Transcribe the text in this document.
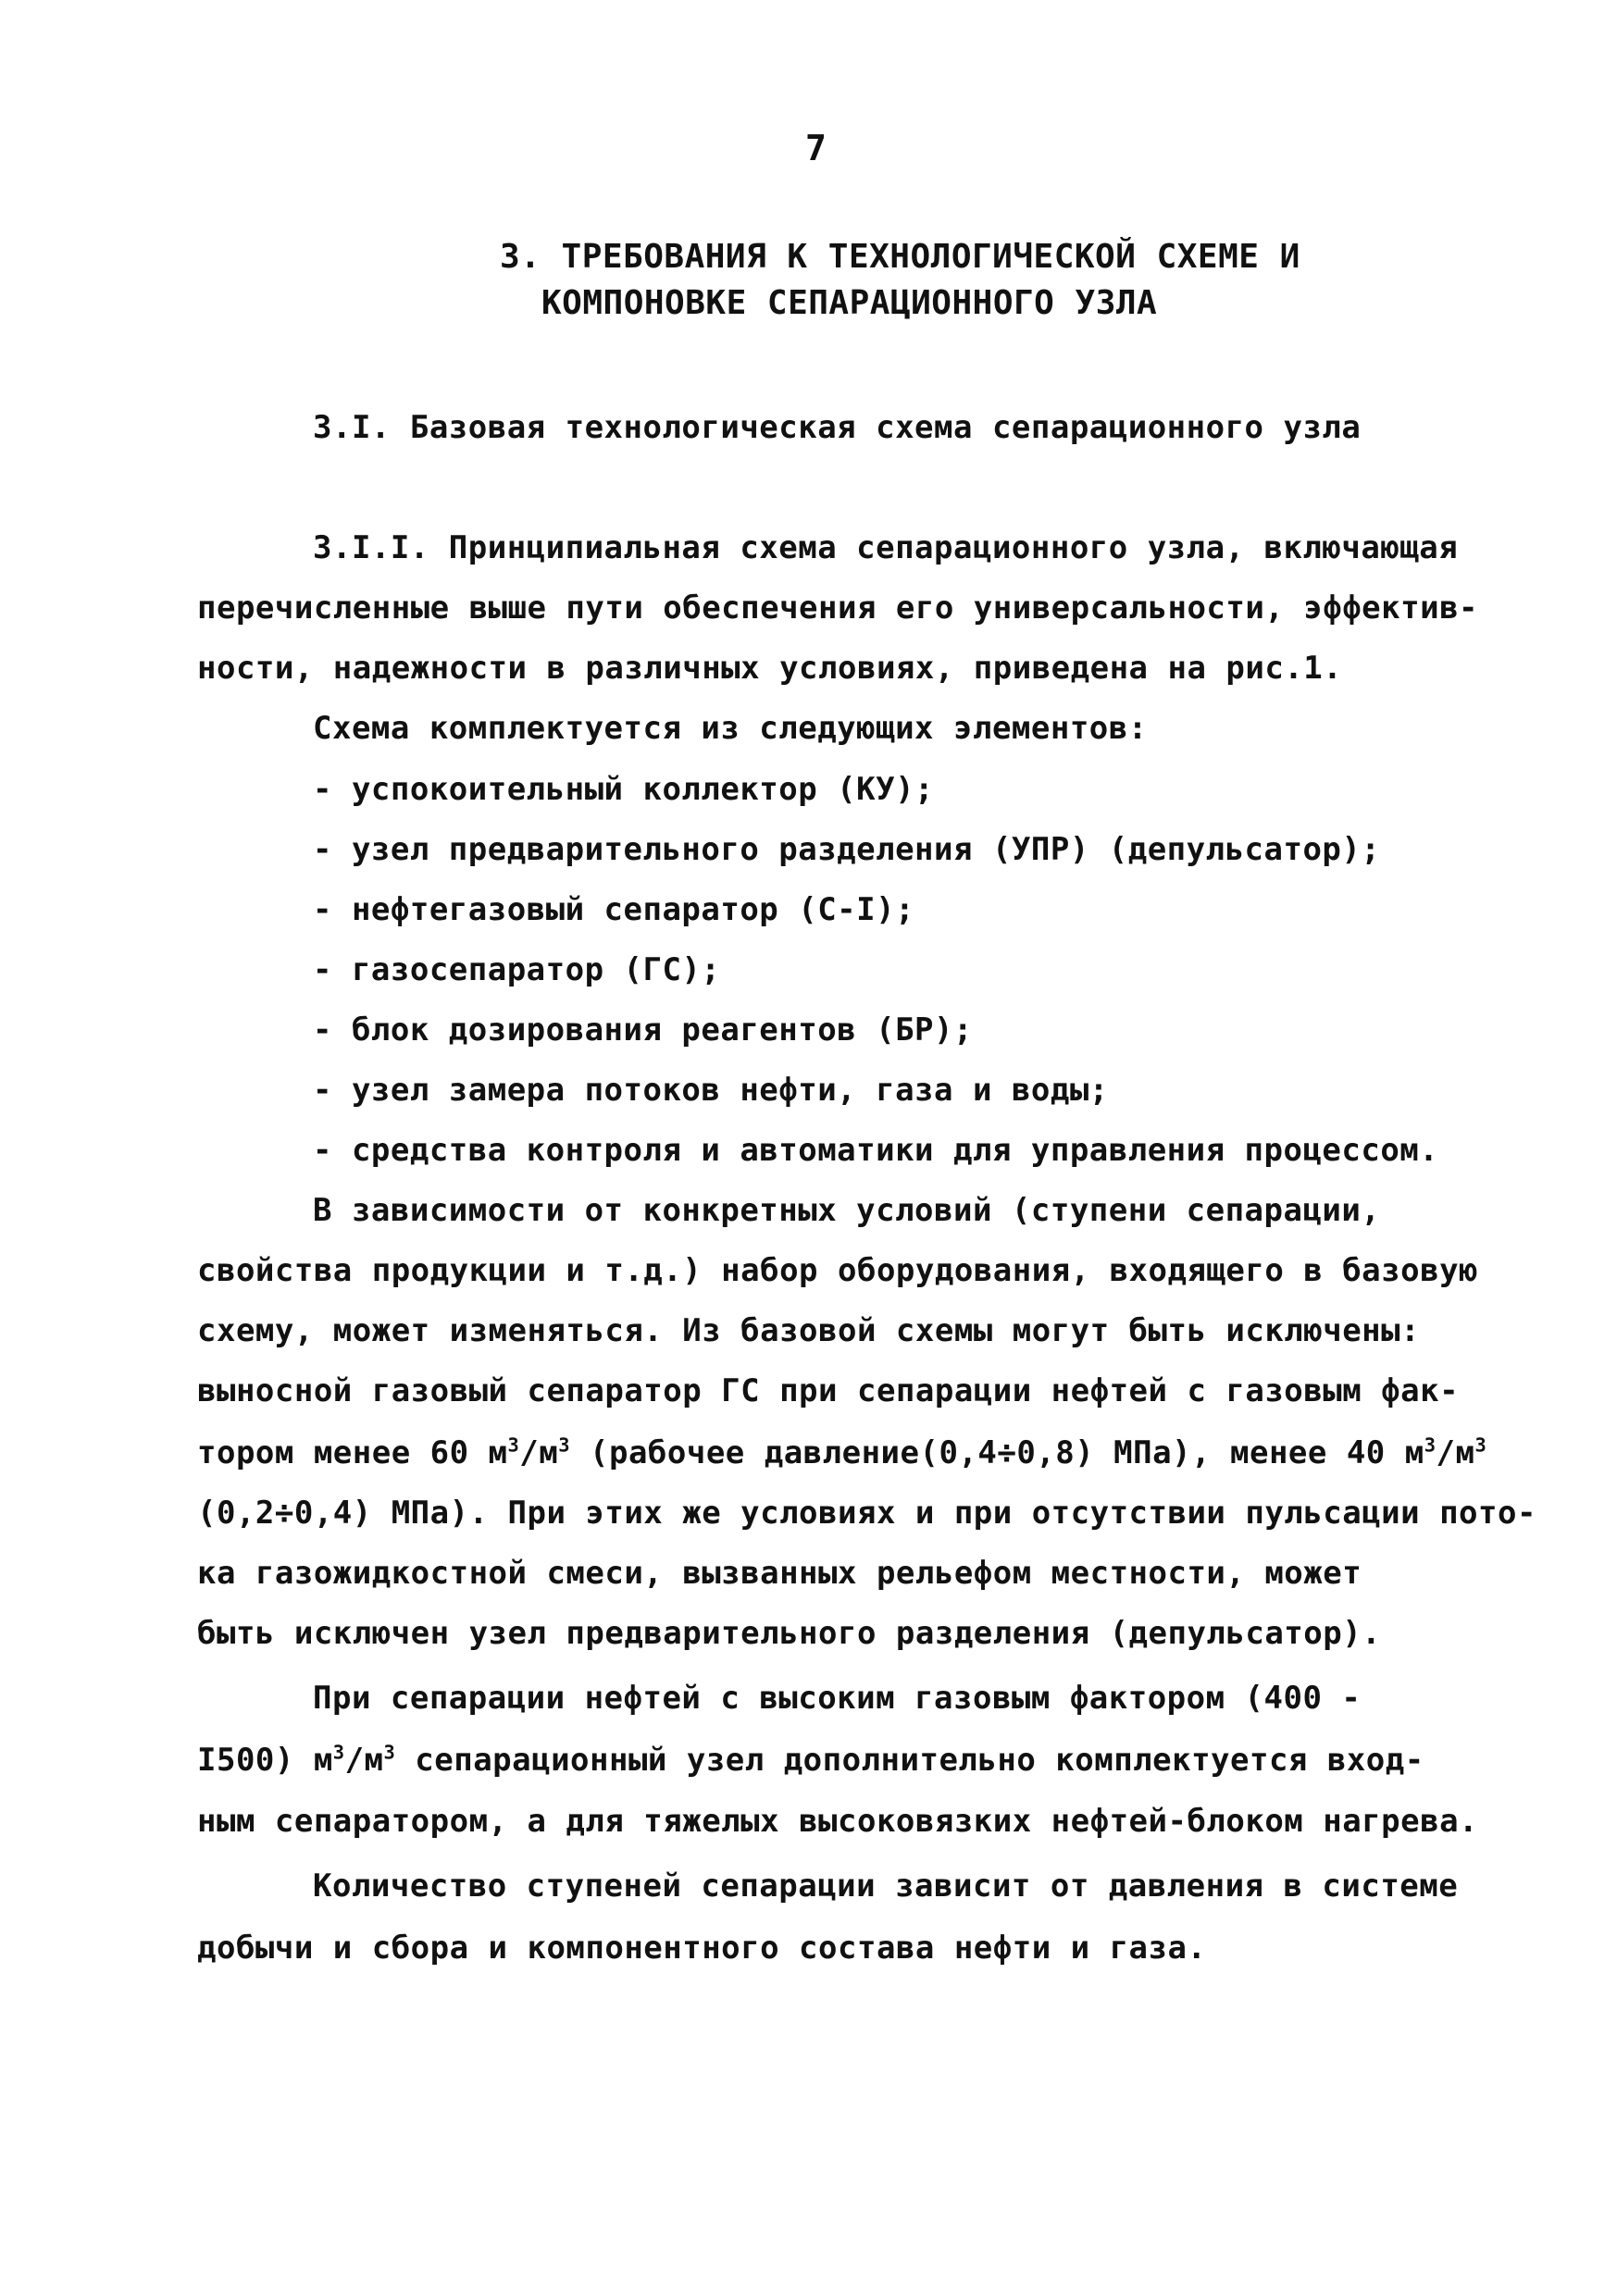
7
3. ТРЕБОВАНИЯ К ТЕХНОЛОГИЧЕСКОЙ СХЕМЕ И
КОМПОНОВКЕ СЕПАРАЦИОННОГО УЗЛА
3.I. Базовая технологическая схема сепарационного узла
3.I.I. Принципиальная схема сепарационного узла, включающая
перечисленные выше пути обеспечения его универсальности, эффектив-
ности, надежности в различных условиях, приведена на рис.1.
Схема комплектуется из следующих элементов:
- успокоительный коллектор (КУ);
- узел предварительного разделения (УПР) (депульсатор);
- нефтегазовый сепаратор (С-I);
- газосепаратор (ГС);
- блок дозирования реагентов (БР);
- узел замера потоков нефти, газа и воды;
- средства контроля и автоматики для управления процессом.
В зависимости от конкретных условий (ступени сепарации,
свойства продукции и т.д.) набор оборудования, входящего в базовую
схему, может изменяться. Из базовой схемы могут быть исключены:
выносной газовый сепаратор ГС при сепарации нефтей с газовым фак-
тором менее 60 $м^3/м^3$ (рабочее давление(0,4÷0,8) МПа), менее 40 $м^3/м^3$
(0,2÷0,4) МПа). При этих же условиях и при отсутствии пульсации пото-
ка газожидкостной смеси, вызванных рельефом местности, может
быть исключен узел предварительного разделения (депульсатор).
При сепарации нефтей с высоким газовым фактором (400 -
I500) $м^3/м^3$ сепарационный узел дополнительно комплектуется вход-
ным сепаратором, а для тяжелых высоковязких нефтей-блоком нагрева.
Количество ступеней сепарации зависит от давления в системе
добычи и сбора и компонентного состава нефти и газа.
